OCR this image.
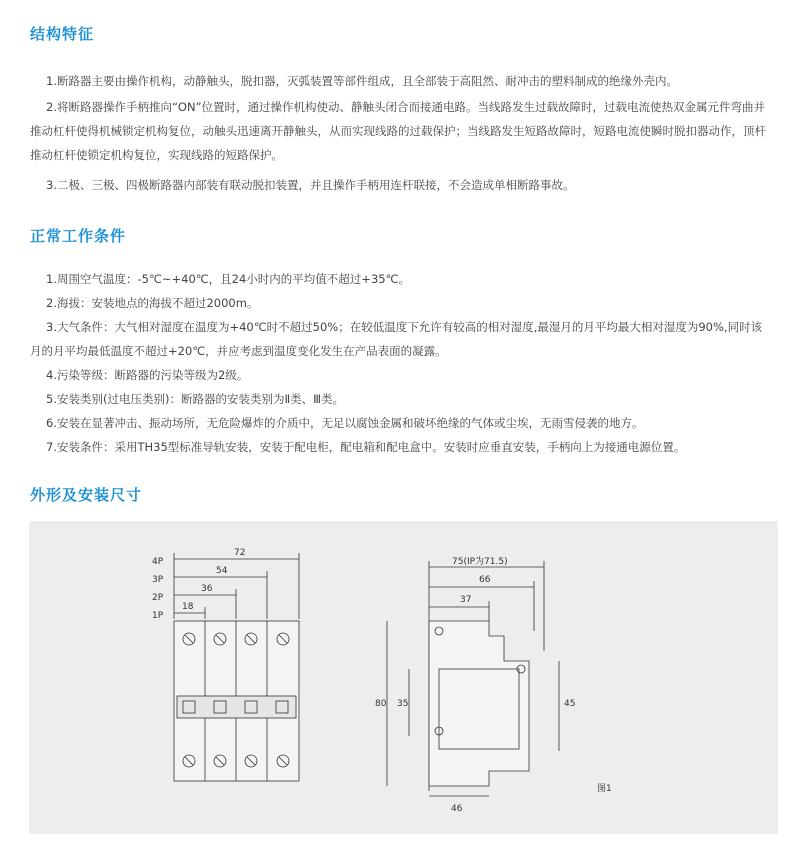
结构特征

1.断路器主要由操作机构，动静触头，脱扣器，灭弧装置等部件组成，且全部装于高阻然、耐冲击的塑料制成的绝缘外壳内。

2.将断路器操作手柄推向“ON”位置时，通过操作机构使动、静触头闭合而接通电路。当线路发生过载故障时，过载电流使热双金属元件弯曲并推动杠杆使得机械锁定机构复位，动触头迅速离开静触头，从而实现线路的过载保护；当线路发生短路故障时，短路电流使瞬时脱扣器动作，顶杆推动杠杆使锁定机构复位，实现线路的短路保护。

3.二极、三极、四极断路器内部装有联动脱扣装置，并且操作手柄用连杆联接，不会造成单相断路事故。

正常工作条件

1.周围空气温度：-5℃~+40℃，且24小时内的平均值不超过+35℃。

2.海拔：安装地点的海拔不超过2000m。

3.大气条件：大气相对湿度在温度为+40℃时不超过50%；在较低温度下允许有较高的相对湿度,最湿月的月平均最大相对湿度为90%,同时该月的月平均最低温度不超过+20℃，并应考虑到温度变化发生在产品表面的凝露。

4.污染等级：断路器的污染等级为2级。

5.安装类别(过电压类别)：断路器的安装类别为Ⅱ类、Ⅲ类。

6.安装在显著冲击、振动场所，无危险爆炸的介质中，无足以腐蚀金属和破坏绝缘的气体或尘埃，无雨雪侵袭的地方。

7.安装条件：采用TH35型标准导轨安装，安装于配电柜，配电箱和配电盒中。安装时应垂直安装，手柄向上为接通电源位置。

外形及安装尺寸
4P
3P
2P
1P
72
54
36
18
75(IP为71.5)
66
37
80 35	45
46
图1
